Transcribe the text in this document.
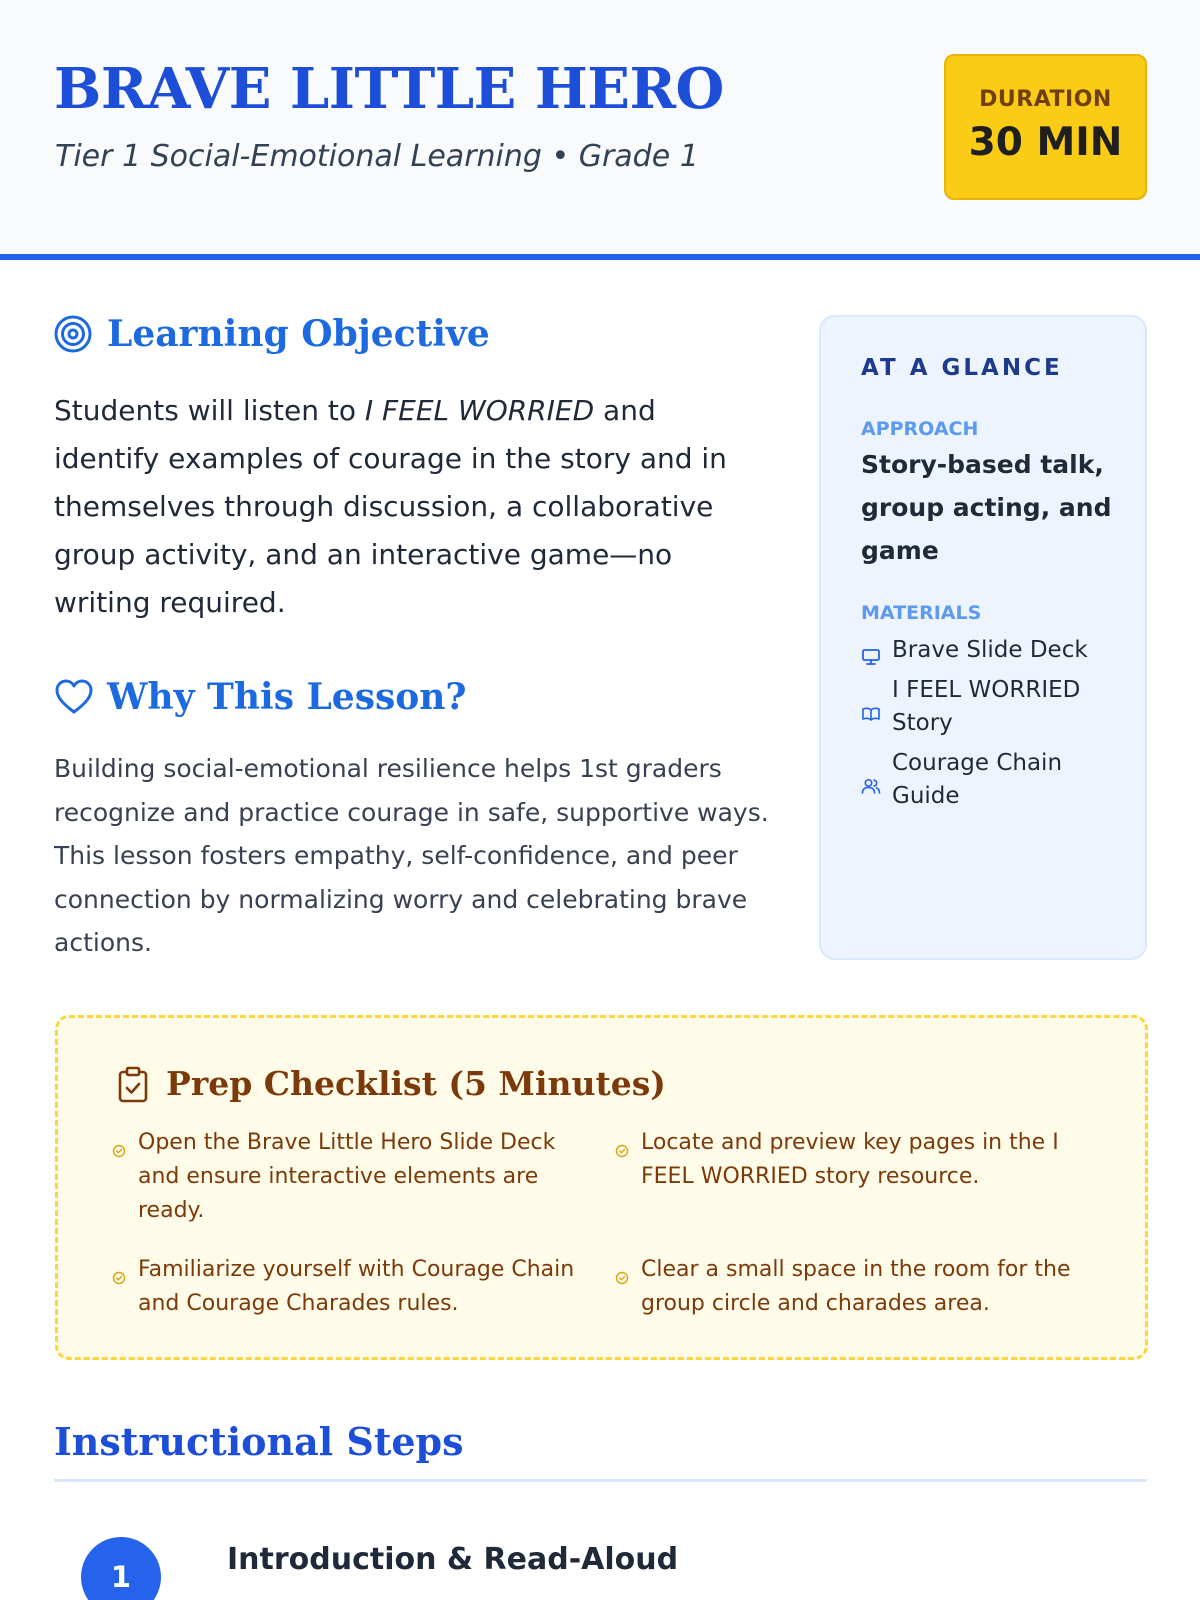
BRAVE LITTLE HERO
Tier 1 Social-Emotional Learning • Grade 1
DURATION
30 MIN
Learning Objective
Students will listen to I FEEL WORRIED and identify examples of courage in the story and in themselves through discussion, a collaborative group activity, and an interactive game—no writing required.
Why This Lesson?
Building social-emotional resilience helps 1st graders recognize and practice courage in safe, supportive ways. This lesson fosters empathy, self-confidence, and peer connection by normalizing worry and celebrating brave actions.
AT A GLANCE
APPROACH
Story-based talk, group acting, and game
MATERIALS
Brave Slide Deck
I FEEL WORRIED Story
Courage Chain Guide
Prep Checklist (5 Minutes)
Open the Brave Little Hero Slide Deck and ensure interactive elements are ready.
Locate and preview key pages in the I FEEL WORRIED story resource.
Familiarize yourself with Courage Chain and Courage Charades rules.
Clear a small space in the room for the group circle and charades area.
Instructional Steps
1	Introduction & Read-Aloud
